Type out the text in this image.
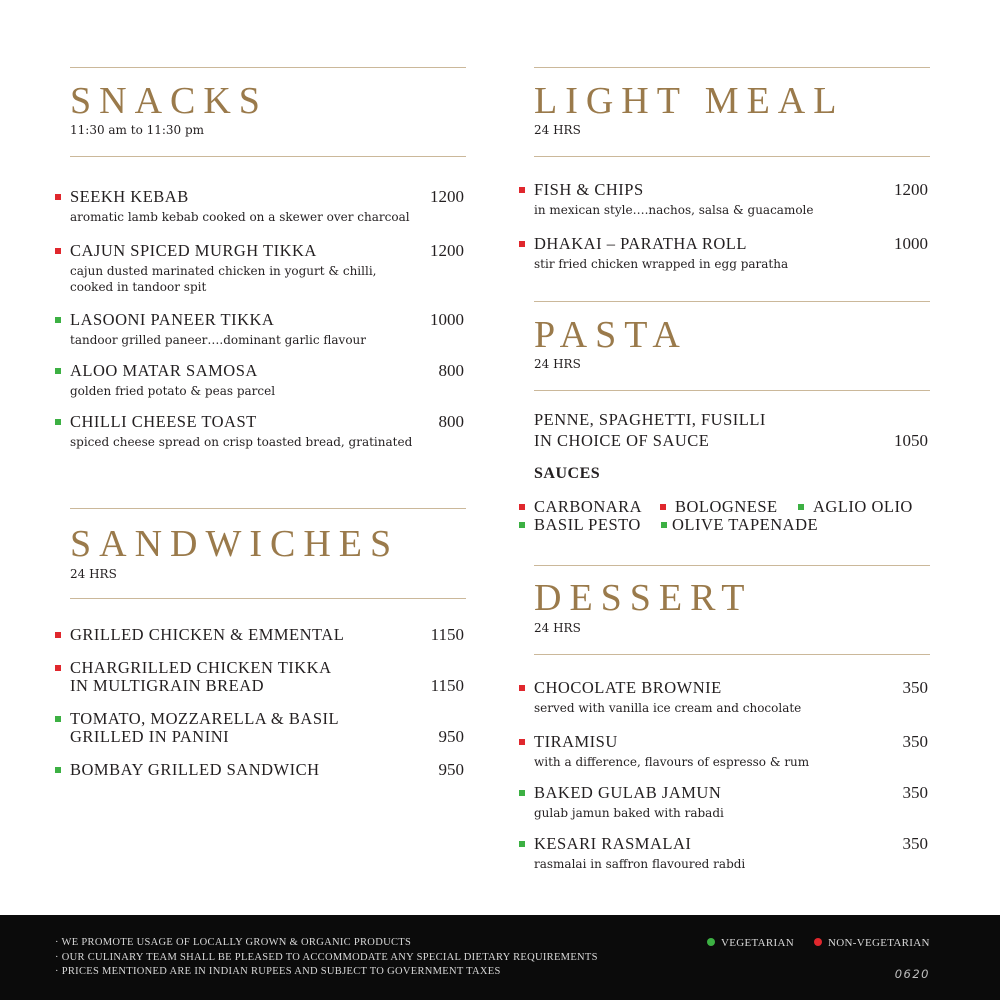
SNACKS
11:30 am to 11:30 pm
SEEKH KEBAB	1200
aromatic lamb kebab cooked on a skewer over charcoal
CAJUN SPICED MURGH TIKKA	1200
cajun dusted marinated chicken in yogurt & chilli, cooked in tandoor spit
LASOONI PANEER TIKKA	1000
tandoor grilled paneer….dominant garlic flavour
ALOO MATAR SAMOSA	800
golden fried potato & peas parcel
CHILLI CHEESE TOAST	800
spiced cheese spread on crisp toasted bread, gratinated
SANDWICHES
24 HRS
GRILLED CHICKEN & EMMENTAL	1150
CHARGRILLED CHICKEN TIKKA
IN MULTIGRAIN BREAD	1150
TOMATO, MOZZARELLA & BASIL
GRILLED IN PANINI	950
BOMBAY GRILLED SANDWICH	950
LIGHT MEAL
24 HRS
FISH & CHIPS	1200
in mexican style….nachos, salsa & guacamole
DHAKAI – PARATHA ROLL	1000
stir fried chicken wrapped in egg paratha
PASTA
24 HRS
PENNE, SPAGHETTI, FUSILLI
IN CHOICE OF SAUCE	1050
SAUCES
CARBONARA BOLOGNESE AGLIO OLIO
BASIL PESTO OLIVE TAPENADE
DESSERT
24 HRS
CHOCOLATE BROWNIE	350
served with vanilla ice cream and chocolate
TIRAMISU	350
with a difference, flavours of espresso & rum
BAKED GULAB JAMUN	350
gulab jamun baked with rabadi
KESARI RASMALAI	350
rasmalai in saffron flavoured rabdi
· WE PROMOTE USAGE OF LOCALLY GROWN & ORGANIC PRODUCTS
· OUR CULINARY TEAM SHALL BE PLEASED TO ACCOMMODATE ANY SPECIAL DIETARY REQUIREMENTS
· PRICES MENTIONED ARE IN INDIAN RUPEES AND SUBJECT TO GOVERNMENT TAXES
VEGETARIAN	NON-VEGETARIAN
0620
